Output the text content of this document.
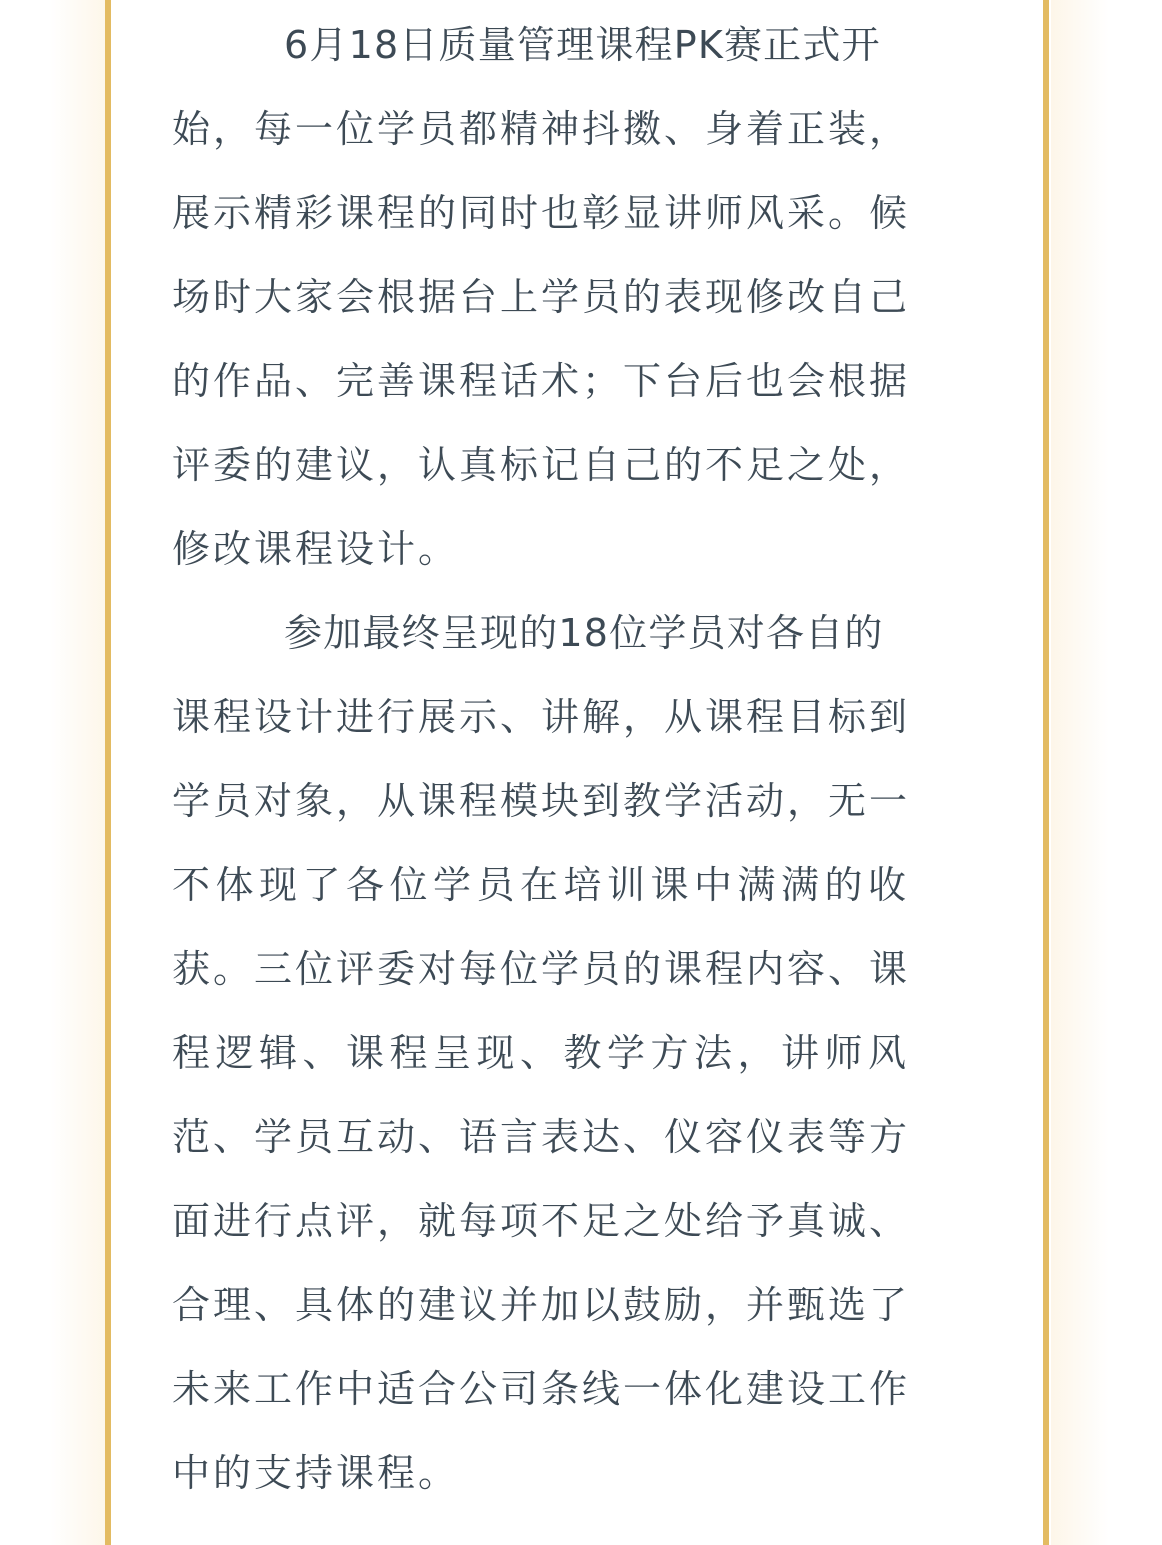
6月18日质量管理课程PK赛正式开
始，每一位学员都精神抖擞、身着正装，
展示精彩课程的同时也彰显讲师风采。候
场时大家会根据台上学员的表现修改自己
的作品、完善课程话术；下台后也会根据
评委的建议，认真标记自己的不足之处，
修改课程设计。
参加最终呈现的18位学员对各自的
课程设计进行展示、讲解，从课程目标到
学员对象，从课程模块到教学活动，无一
不体现了各位学员在培训课中满满的收
获。三位评委对每位学员的课程内容、课
程逻辑、课程呈现、教学方法，讲师风
范、学员互动、语言表达、仪容仪表等方
面进行点评，就每项不足之处给予真诚、
合理、具体的建议并加以鼓励，并甄选了
未来工作中适合公司条线一体化建设工作
中的支持课程。
